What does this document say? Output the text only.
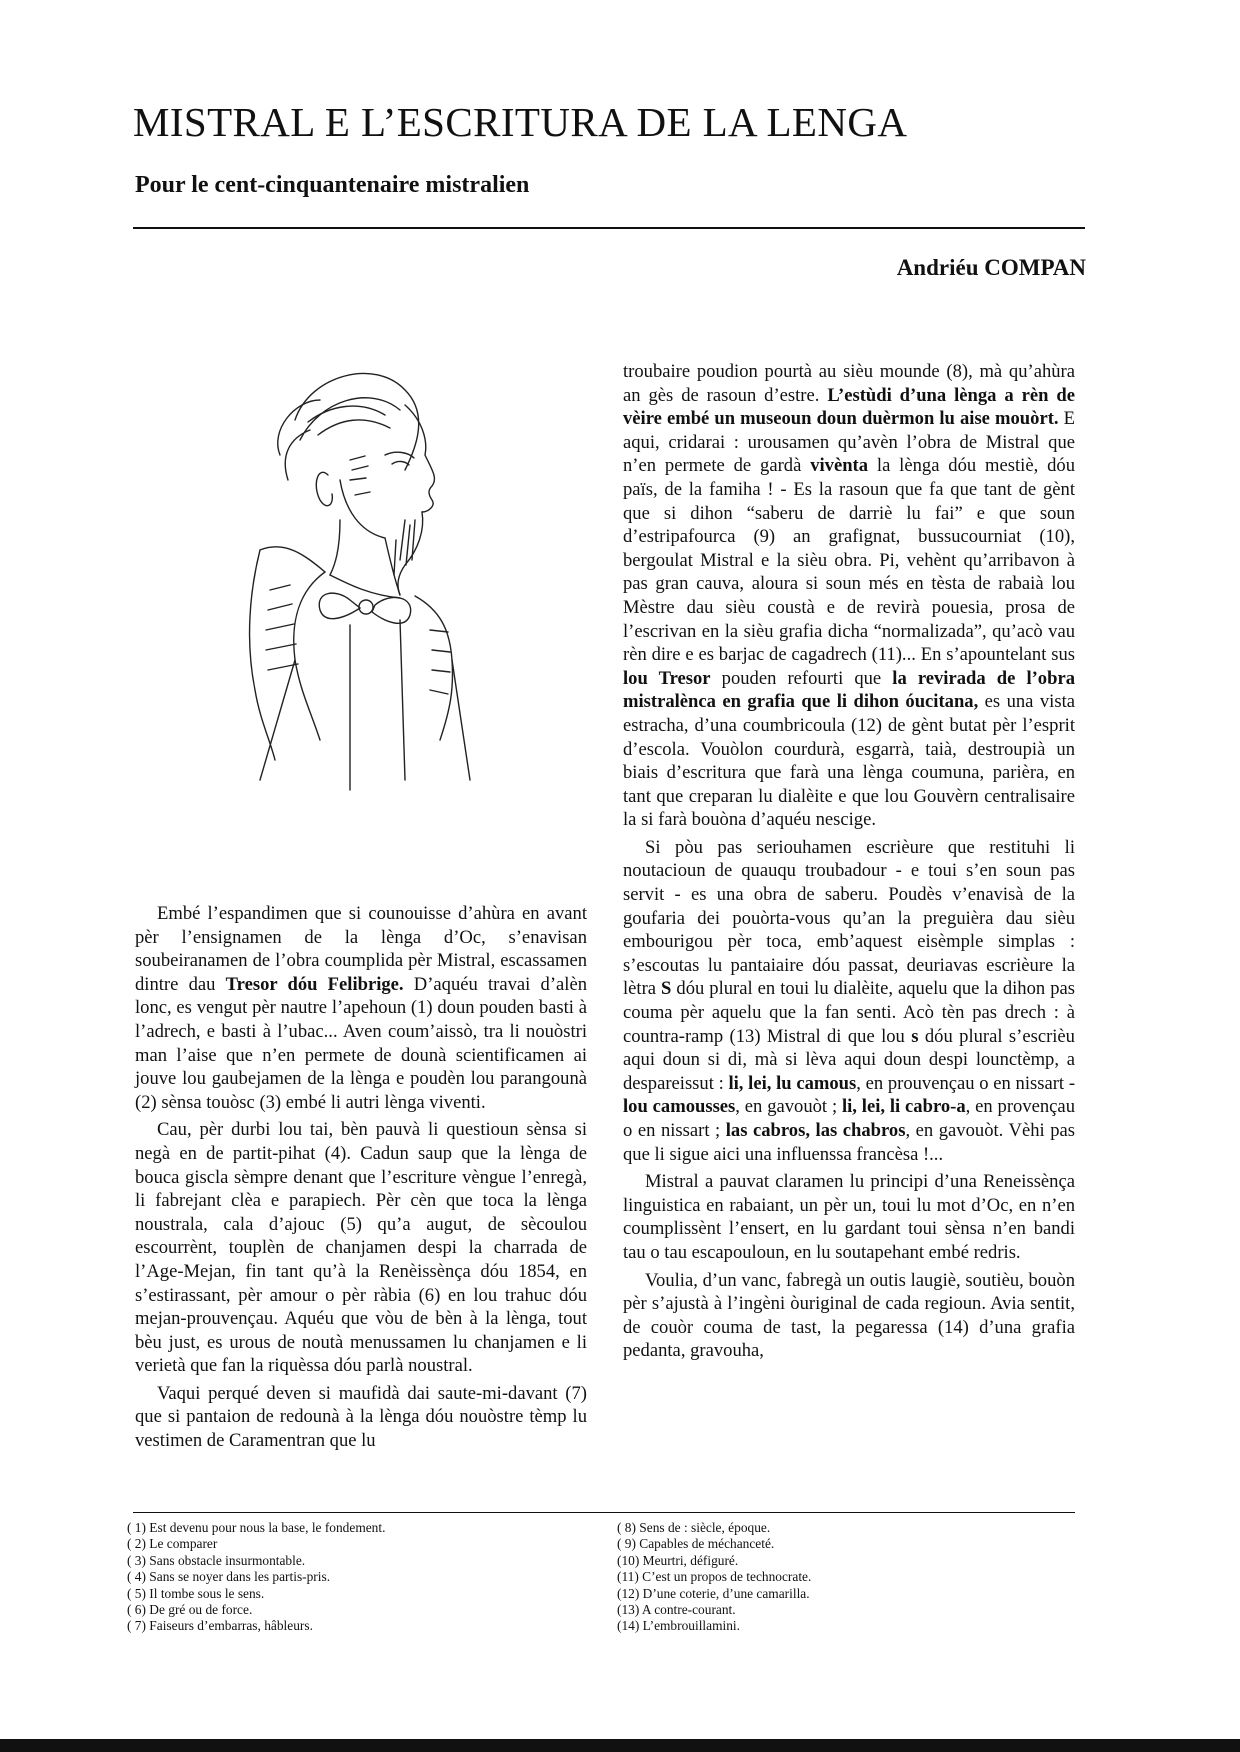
MISTRAL E L’ESCRITURA DE LA LENGA
Pour le cent-cinquantenaire mistralien
Andriéu COMPAN

Embé l’espandimen que si counouisse d’ahùra en avant pèr l’ensignamen de la lènga d’Oc, s’enavisan soubeiranamen de l’obra coumplida pèr Mistral, escassamen dintre dau Tresor dóu Felibrige. D’aquéu travai d’alèn lonc, es vengut pèr nautre l’apehoun (1) doun pouden basti à l’adrech, e basti à l’ubac... Aven coum’aissò, tra li nouòstri man l’aise que n’en permete de dounà scientificamen ai jouve lou gaubejamen de la lènga e poudèn lou parangounà (2) sènsa touòsc (3) embé li autri lènga viventi.

Cau, pèr durbi lou tai, bèn pauvà li questioun sènsa si negà en de partit-pihat (4). Cadun saup que la lènga de bouca giscla sèmpre denant que l’escriture vèngue l’enregà, li fabrejant clèa e parapiech. Pèr cèn que toca la lènga noustrala, cala d’ajouc (5) qu’a augut, de sècoulou escourrènt, touplèn de chanjamen despi la charrada de l’Age-Mejan, fin tant qu’à la Renèissènça dóu 1854, en s’estirassant, pèr amour o pèr ràbia (6) en lou trahuc dóu mejan-prouvençau. Aquéu que vòu de bèn à la lènga, tout bèu just, es urous de noutà menussamen lu chanjamen e li verietà que fan la riquèssa dóu parlà noustral.

Vaqui perqué deven si maufidà dai saute-mi-davant (7) que si pantaion de redounà à la lènga dóu nouòstre tèmp lu vestimen de Caramentran que lu

troubaire poudion pourtà au sièu mounde (8), mà qu’ahùra an gès de rasoun d’estre. L’estùdi d’una lènga a rèn de vèire embé un museoun doun duèrmon lu aise mouòrt. E aqui, cridarai : urousamen qu’avèn l’obra de Mistral que n’en permete de gardà vivènta la lènga dóu mestiè, dóu païs, de la famiha ! - Es la rasoun que fa que tant de gènt que si dihon “saberu de darriè lu fai” e que soun d’estripafourca (9) an grafignat, bussucourniat (10), bergoulat Mistral e la sièu obra. Pi, vehènt qu’arribavon à pas gran cauva, aloura si soun més en tèsta de rabaià lou Mèstre dau sièu coustà e de revirà pouesia, prosa de l’escrivan en la sièu grafia dicha “normalizada”, qu’acò vau rèn dire e es barjac de cagadrech (11)... En s’apountelant sus lou Tresor pouden refourti que la revirada de l’obra mistralènca en grafia que li dihon óucitana, es una vista estracha, d’una coumbricoula (12) de gènt butat pèr l’esprit d’escola. Vouòlon courdurà, esgarrà, taià, destroupià un biais d’escritura que farà una lènga coumuna, parièra, en tant que creparan lu dialèite e que lou Gouvèrn centralisaire la si farà bouòna d’aquéu nescige.

Si pòu pas seriouhamen escrièure que restituhi li noutacioun de quauqu troubadour - e toui s’en soun pas servit - es una obra de saberu. Poudès v’enavisà de la goufaria dei pouòrta-vous qu’an la preguièra dau sièu embourigou pèr toca, emb’aquest eisèmple simplas : s’escoutas lu pantaiaire dóu passat, deuriavas escrièure la lètra S dóu plural en toui lu dialèite, aquelu que la dihon pas couma pèr aquelu que la fan senti. Acò tèn pas drech : à countra-ramp (13) Mistral di que lou s dóu plural s’escrièu aqui doun si di, mà si lèva aqui doun despi lounctèmp, a despareissut : li, lei, lu camous, en prouvençau o en nissart - lou camousses, en gavouòt ; li, lei, li cabro-a, en provençau o en nissart ; las cabros, las chabros, en gavouòt. Vèhi pas que li sigue aici una influenssa francèsa !...

Mistral a pauvat claramen lu principi d’una Reneissènça linguistica en rabaiant, un pèr un, toui lu mot d’Oc, en n’en coumplissènt l’ensert, en lu gardant toui sènsa n’en bandi tau o tau escapouloun, en lu soutapehant embé redris.

Voulia, d’un vanc, fabregà un outis laugiè, soutièu, bouòn pèr s’ajustà à l’ingèni òuriginal de cada regioun. Avia sentit, de couòr couma de tast, la pegaressa (14) d’una grafia pedanta, gravouha,

( 1) Est devenu pour nous la base, le fondement.
( 2) Le comparer
( 3) Sans obstacle insurmontable.
( 4) Sans se noyer dans les partis-pris.
( 5) Il tombe sous le sens.
( 6) De gré ou de force.
( 7) Faiseurs d’embarras, hâbleurs.
( 8) Sens de : siècle, époque.
( 9) Capables de méchanceté.
(10) Meurtri, défiguré.
(11) C’est un propos de technocrate.
(12) D’une coterie, d’une camarilla.
(13) A contre-courant.
(14) L’embrouillamini.
